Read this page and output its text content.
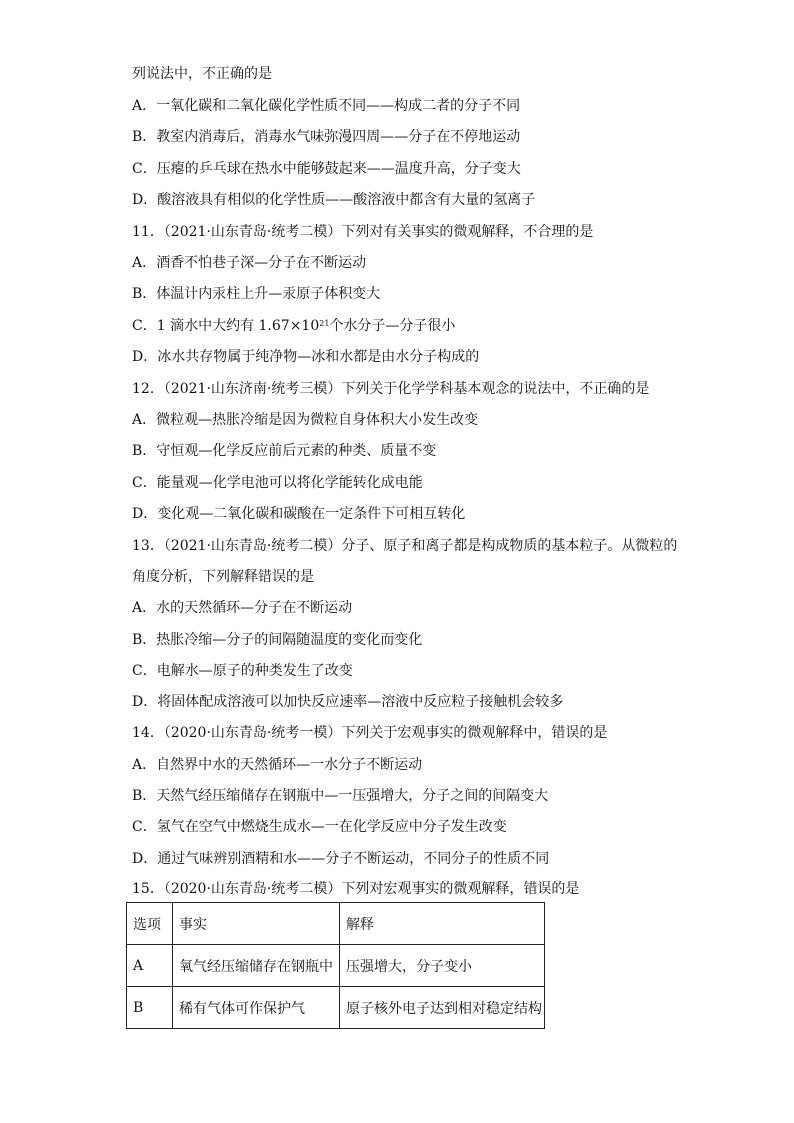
列说法中，不正确的是
A．一氧化碳和二氧化碳化学性质不同——构成二者的分子不同
B．教室内消毒后，消毒水气味弥漫四周——分子在不停地运动
C．压瘪的乒乓球在热水中能够鼓起来——温度升高，分子变大
D．酸溶液具有相似的化学性质——酸溶液中都含有大量的氢离子
11．（2021·山东青岛·统考二模）下列对有关事实的微观解释，不合理的是
A．酒香不怕巷子深—分子在不断运动
B．体温计内汞柱上升—汞原子体积变大
C．1 滴水中大约有 $1.67\times 10^{21}$个水分子—分子很小
D．冰水共存物属于纯净物—冰和水都是由水分子构成的
12．（2021·山东济南·统考三模）下列关于化学学科基本观念的说法中，不正确的是
A．微粒观—热胀冷缩是因为微粒自身体积大小发生改变
B．守恒观—化学反应前后元素的种类、质量不变
C．能量观—化学电池可以将化学能转化成电能
D．变化观—二氧化碳和碳酸在一定条件下可相互转化
13．（2021·山东青岛·统考二模）分子、原子和离子都是构成物质的基本粒子。从微粒的
角度分析，下列解释错误的是
A．水的天然循环—分子在不断运动
B．热胀冷缩—分子的间隔随温度的变化而变化
C．电解水—原子的种类发生了改变
D．将固体配成溶液可以加快反应速率—溶液中反应粒子接触机会较多
14．（2020·山东青岛·统考一模）下列关于宏观事实的微观解释中，错误的是
A．自然界中水的天然循环—一水分子不断运动
B．天然气经压缩储存在钢瓶中—一压强增大，分子之间的间隔变大
C．氢气在空气中燃烧生成水—一在化学反应中分子发生改变
D．通过气味辨别酒精和水——分子不断运动，不同分子的性质不同
15．（2020·山东青岛·统考二模）下列对宏观事实的微观解释，错误的是
选项	事实	解释
A	氧气经压缩储存在钢瓶中	压强增大，分子变小
B	稀有气体可作保护气	原子核外电子达到相对稳定结构
